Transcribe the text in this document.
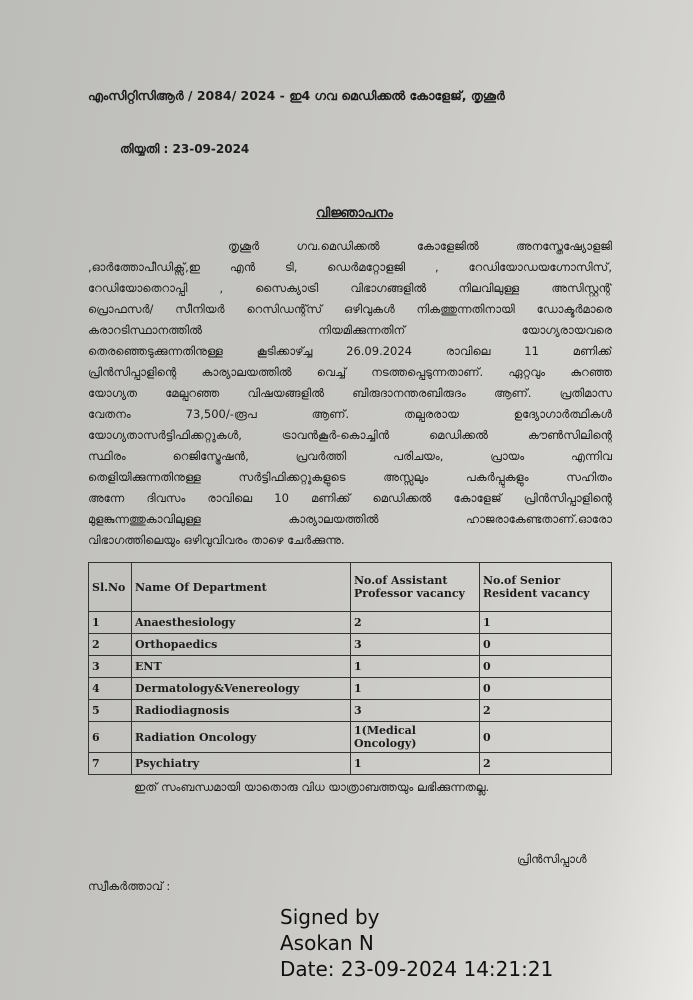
എംസിറ്റിസിആർ / 2084/ 2024 - ഇ4 ഗവ മെഡിക്കൽ കോളേജ്, തൃശൂർ
തിയ്യതി : 23-09-2024
വിജ്ഞാപനം
തൃശൂർ ഗവ.മെഡിക്കൽ കോളേജിൽ അനസ്തേഷ്യോളജി
,ഓർത്തോപീഡിക്സ്,ഇ എൻ ടി, ഡെർമറ്റോളജി , റേഡിയോഡയഗ്നോസിസ്,
റേഡിയോതെറാപ്പി , സൈക്യാട്രി വിഭാഗങ്ങളിൽ നിലവിലുള്ള അസിസ്റ്റന്റ്
പ്രൊഫസർ/ സീനിയർ റെസിഡന്റ്സ് ഒഴിവുകൾ നികത്തുന്നതിനായി ഡോക്ടർമാരെ
കരാറടിസ്ഥാനത്തിൽ നിയമിക്കുന്നതിന് യോഗ്യരായവരെ
തെരഞ്ഞെടുക്കുന്നതിനുള്ള കൂടിക്കാഴ്ച്ച 26.09.2024 രാവിലെ 11 മണിക്ക്
പ്രിൻസിപ്പാളിന്റെ കാര്യാലയത്തിൽ വെച്ച് നടത്തപ്പെടുന്നതാണ്. ഏറ്റവും കുറഞ്ഞ
യോഗ്യത മേല്പറഞ്ഞ വിഷയങ്ങളിൽ ബിരുദാനന്തരബിരുദം ആണ്. പ്രതിമാസ
വേതനം 73,500/-രൂപ ആണ്. തല്പരരായ ഉദ്യോഗാർത്ഥികൾ
യോഗ്യതാസർട്ടിഫിക്കറ്റുകൾ, ട്രാവൻകൂർ-കൊച്ചിൻ മെഡിക്കൽ കൗൺസിലിന്റെ
സ്ഥിരം റെജിസ്ട്രേഷൻ, പ്രവർത്തി പരിചയം, പ്രായം എന്നിവ
തെളിയിക്കുന്നതിനുള്ള സർട്ടിഫിക്കറ്റുകളുടെ അസ്സലും പകർപ്പുകളും സഹിതം
അന്നേ ദിവസം രാവിലെ 10 മണിക്ക് മെഡിക്കൽ കോളേജ് പ്രിൻസിപ്പാളിന്റെ
മുളങ്കുന്നത്തുകാവിലുള്ള കാര്യാലയത്തിൽ ഹാജരാകേണ്ടതാണ്.ഓരോ
വിഭാഗത്തിലെയും ഒഴിവുവിവരം താഴെ ചേർക്കുന്നു.
Sl.No	Name Of Department	No.of Assistant Professor vacancy	No.of Senior Resident vacancy
1	Anaesthesiology	2	1
2	Orthopaedics	3	0
3	ENT	1	0
4	Dermatology&Venereology	1	0
5	Radiodiagnosis	3	2
6	Radiation Oncology	1(Medical Oncology)	0
7	Psychiatry	1	2
ഇത് സംബന്ധമായി യാതൊരു വിധ യാത്രാബത്തയും ലഭിക്കുന്നതല്ല.
പ്രിൻസിപ്പാൾ
സ്വീകർത്താവ് :
Signed by
Asokan N
Date: 23-09-2024 14:21:21
